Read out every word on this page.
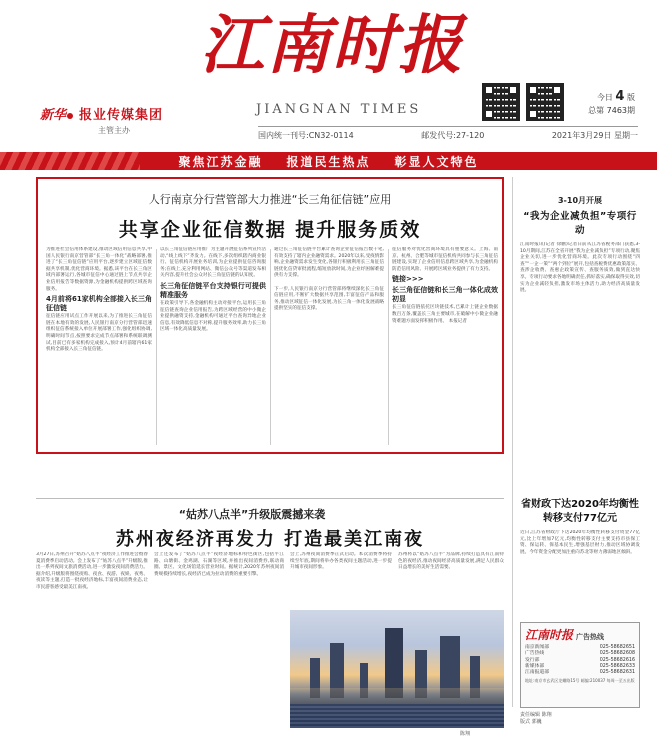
新华	报业传媒集团
主管主办
江南时报
JIANGNAN TIMES
今日 4 版
总第 7463期
国内统一刊号:CN32-0114	邮发代号:27-120	2021年3月29日 星期一
聚焦江苏金融 报道民生热点 彰显人文特色
人行南京分行营管部大力推进“长三角征信链”应用
共享企业征信数据 提升服务质效
为推进社会信用体系建设,推动区域信用信息共享,中国人民银行南京营管部“长三角一体化”战略部署,推进了“长三角征信链”应用平台,逐步建立区域征信数据共享机制,优化营商环境。据悉,该平台在长三角区域内部署运行,各城市征信中心通过链上节点共享企业信用报告等数据资源,为金融机构提供跨区域查询服务。
4月前将61家机构全部接入长三角征信链
征信链应用试点工作开展以来,为了推进长三角征信链在本地有效的发展,人民银行南京分行营管部迅速组织征信系统接入单位开展部署工作,强化组织协调,明确时间节点,按照要求完成节点部署和系统联调测试,目前已有多家机构完成接入,预计4月前辖内61家机构全部接入长三角征信链。
以长三角征信链应用推广为主题开展征信系列宣传活动,“线上线下”齐发力。在线下,多次组织辖内商业银行、征信机构开展业务培训,为企业提供征信咨询服务;在线上,充分利用网站、微信公众号等渠道发布相关内容,提升社会公众对长三角征信链的认知度。
长三角征信链平台支持银行可提供精准服务
在政策引导下,各金融机构主动对接平台,运用长三角征信链查询企业信用报告,为跨区域经营的中小微企业提供融资支持,金融机构可通过平台查询异地企业信息,有效降低信息不对称,提升服务效率,助力长三角区域一体化高质量发展。
通过长三角征信链平台累计查询企业征信报告数千笔,有效支持了辖内企业融资需求。2020年以来,受疫情影响,企业融资需求发生变化,各银行积极利用长三角征信链优化信贷审批流程,缩短放款时间,为企业纾困解难提供有力支撑。

下一步,人民银行南京分行营管部将继续深化长三角征信链应用,不断扩大数据共享范围,丰富征信产品和服务,推动区域征信一体化发展,为长三角一体化发展战略提供坚实的征信支撑。
征信服务对优化营商环境具有重要意义。上海、南京、杭州、合肥等城市征信机构共同参与长三角征信链建设,实现了企业信用信息跨区域共享,为金融机构防范信用风险、开展跨区域业务提供了有力支持。
链接>>>
长三角征信链和长三角一体化成效初显
长三角征信链依托区块链技术,已累计上链企业数据数百万条,覆盖长三角主要城市,在破解中小微企业融资难题方面发挥积极作用。 本报记者
3-10月开展
“我为企业减负担”专项行动
江南时报讯(记者 徐鹏)记者日前从江苏省税务部门获悉,3-10月期间,江苏在全省开展“我为企业减负担”专项行动,聚焦企业关切,进一步优化营商环境。此次专项行动围绕“四查”“一企一策”“两个到位”展开,包括查税费优惠政策落实、查涉企收费、查惠企政策宣传、查服务质效,做到直达快享。专项行动要求各地明确责任,抓好落实,确保取得实效,切实为企业减轻负担,激发市场主体活力,助力经济高质量发展。
省财政下达2020年均衡性转移支付77亿元
近日,江苏省财政厅下达2020年均衡性转移支付资金77亿元,比上年增加7亿元,均衡性转移支付主要支持市县保工资、保运转、保基本民生,增强基层财力,推动区域协调发展。今年资金分配更加注重向苏北等财力薄弱地区倾斜。
江南时报 广告热线
南京新闻部	025-58682651
广告热线	025-58682608
发行部	025-58682616
新媒体部	025-58682633
江南报道部	025-58682631
地址:南京市玄武区龙蟠路15号 邮编:210037 每周一至五出版
“姑苏八点半”升级版震撼来袭
苏州夜经济再发力 打造最美江南夜
3月27日,苏州召开“姑苏八点半”夜经济工作推进会暨春夏消费季启动活动。会上发布了“姑苏八点半”升级版,推出一系列夜间文旅消费活动,进一步激发夜间消费活力。据介绍,升级版将围绕夜购、夜食、夜游、夜娱、夜秀、夜读等主题,打造一批夜经济地标,丰富夜间消费业态,让市民游客感受最美江南夜。
会上还发布了“姑苏八点半”夜经济地标和特色街区,包括平江路、山塘街、金鸡湖、石湖等区域,并推出夜间消费券,联动商圈、景区、文化场馆延长营业时间。据统计,2020年苏州夜间消费规模持续增长,夜经济已成为拉动消费的重要引擎。
会上,苏州夜间消费季正式启动。本次消费季将持续至年底,期间将举办各类夜间主题活动,进一步提升城市夜间形象。
苏州将以“姑苏八点半”为品牌,持续打造具有江南特色的夜经济,推动夜间经济高质量发展,满足人民群众日益增长的美好生活需要。
陈翔
责任编辑 陈翔
版式 郭巍
